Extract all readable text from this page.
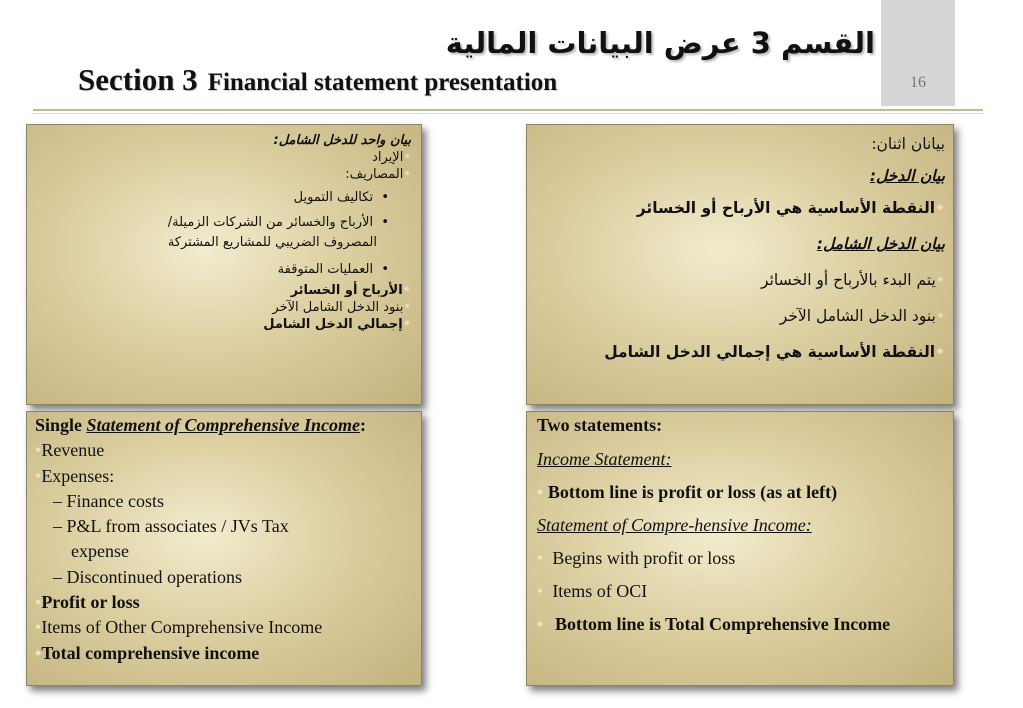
16
القسم 3 عرض البيانات المالية
Section 3 Financial statement presentation
بيان واحد للدخل الشامل:
•الإيراد
•المصاريف:
•  تكاليف التمويل
•  الأرباح والخسائر من الشركات الزميلة/
المصروف الضريبي للمشاريع المشتركة
•  العمليات المتوقفة
•الأرباح أو الخسائر
•بنود الدخل الشامل الآخر
•إجمالي الدخل الشامل
بيانان اثنان:
بيان الدخل:
•النقطة الأساسية هي الأرباح أو الخسائر
بيان الدخل الشامل:
•يتم البدء بالأرباح أو الخسائر
•بنود الدخل الشامل الآخر
•النقطة الأساسية هي إجمالي الدخل الشامل
Single Statement of Comprehensive Income:
•Revenue
•Expenses:
– Finance costs
– P&L from associates / JVs Tax
expense
– Discontinued operations
•Profit or loss
•Items of Other Comprehensive Income
•Total comprehensive income
Two statements:
Income Statement:
• Bottom line is profit or loss (as at left)
Statement of Compre-hensive Income:
• Begins with profit or loss
• Items of OCI
• Bottom line is Total Comprehensive Income
